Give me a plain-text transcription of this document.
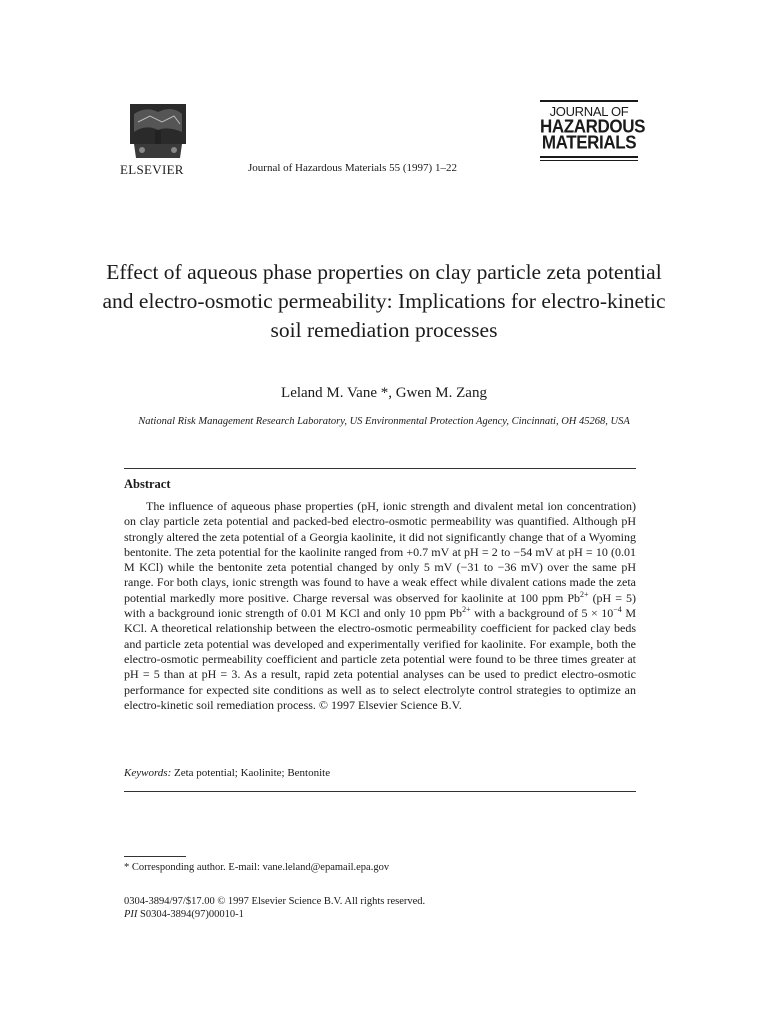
ELSEVIER	Journal of Hazardous Materials 55 (1997) 1–22
JOURNAL OF
HAZARDOUS
MATERIALS
Effect of aqueous phase properties on clay particle zeta potential and electro-osmotic permeability: Implications for electro-kinetic soil remediation processes
Leland M. Vane *, Gwen M. Zang
National Risk Management Research Laboratory, US Environmental Protection Agency, Cincinnati, OH 45268, USA
Abstract

The influence of aqueous phase properties (pH, ionic strength and divalent metal ion concentration) on clay particle zeta potential and packed-bed electro-osmotic permeability was quantified. Although pH strongly altered the zeta potential of a Georgia kaolinite, it did not significantly change that of a Wyoming bentonite. The zeta potential for the kaolinite ranged from +0.7 mV at pH = 2 to −54 mV at pH = 10 (0.01 M KCl) while the bentonite zeta potential changed by only 5 mV (−31 to −36 mV) over the same pH range. For both clays, ionic strength was found to have a weak effect while divalent cations made the zeta potential markedly more positive. Charge reversal was observed for kaolinite at 100 ppm $Pb^{2+}$ (pH = 5) with a background ionic strength of 0.01 M KCl and only 10 ppm $Pb^{2+}$ with a background of $5 \times 10^{-4}$ M KCl. A theoretical relationship between the electro-osmotic permeability coefficient for packed clay beds and particle zeta potential was developed and experimentally verified for kaolinite. For example, both the electro-osmotic permeability coefficient and particle zeta potential were found to be three times greater at pH = 5 than at pH = 3. As a result, rapid zeta potential analyses can be used to predict electro-osmotic performance for expected site conditions as well as to select electrolyte control strategies to optimize an electro-kinetic soil remediation process. © 1997 Elsevier Science B.V.

Keywords: Zeta potential; Kaolinite; Bentonite
* Corresponding author. E-mail: vane.leland@epamail.epa.gov
0304-3894/97/$17.00 © 1997 Elsevier Science B.V. All rights reserved.
PII S0304-3894(97)00010-1
